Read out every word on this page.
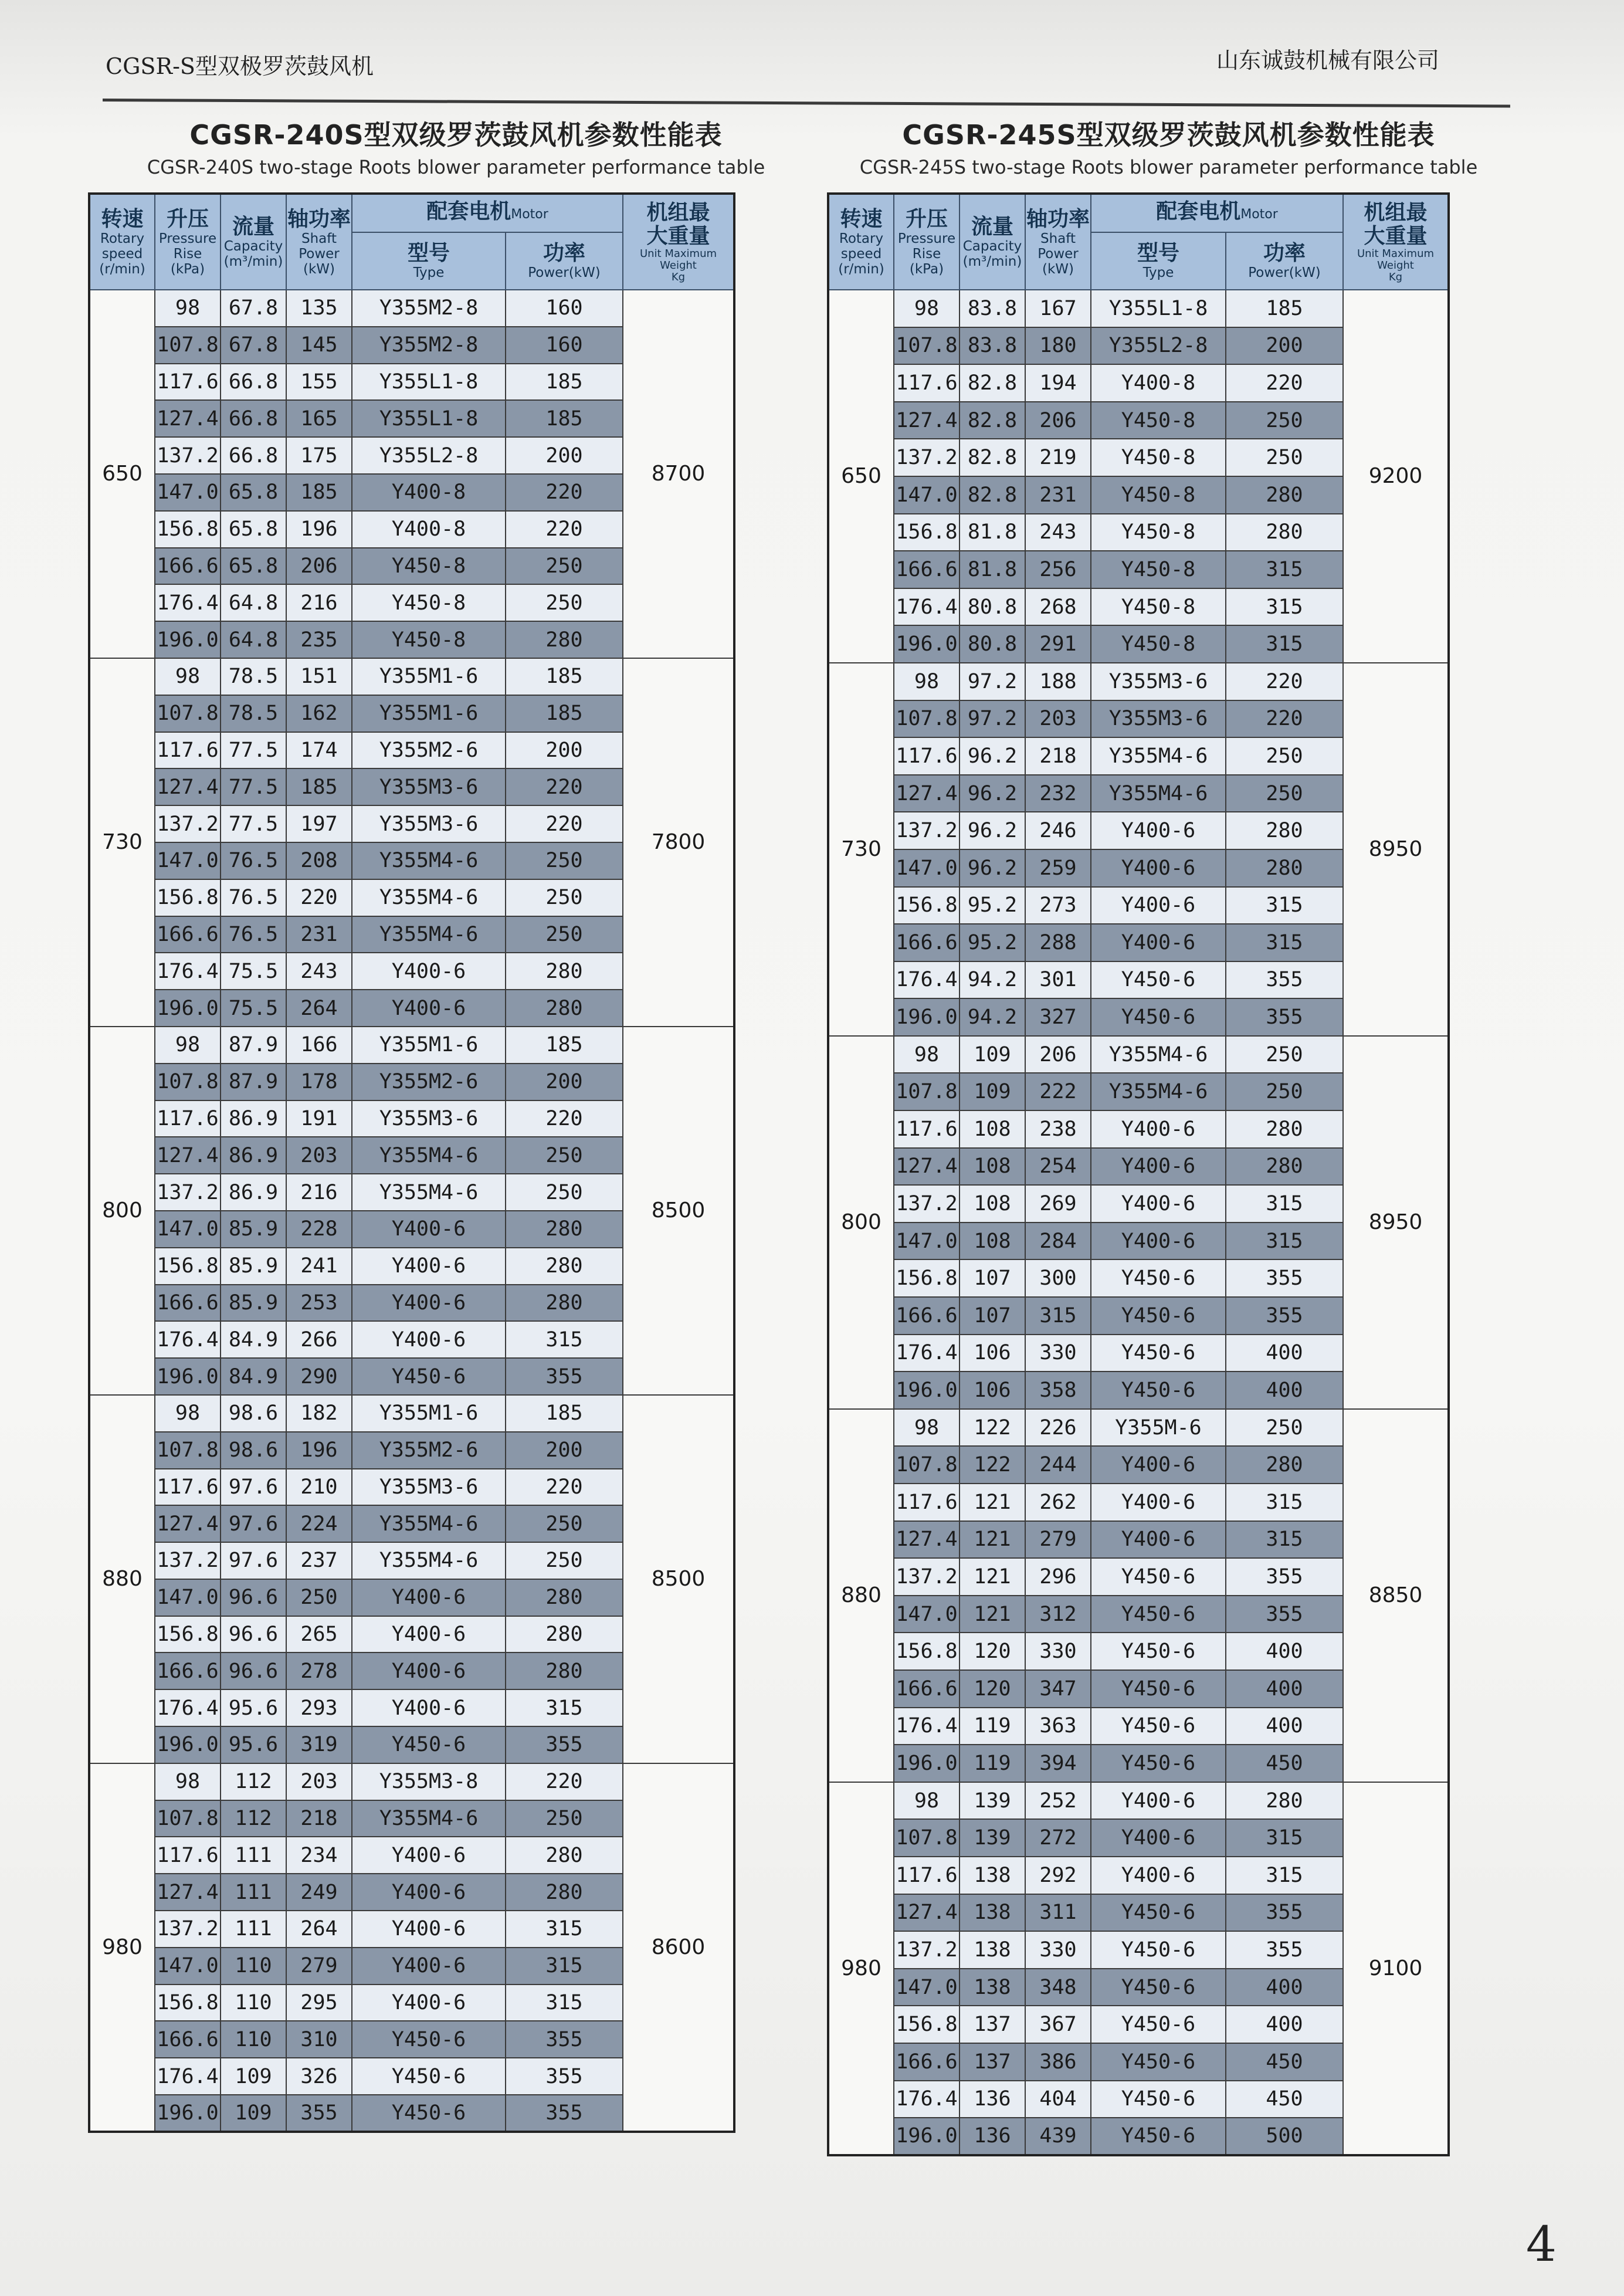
CGSR-S型双极罗茨鼓风机	山东诚鼓机械有限公司
CGSR-240S型双级罗茨鼓风机参数性能表
CGSR-240S two-stage Roots blower parameter performance table
转速
Rotary
speed
(r/min)	升压
Pressure
Rise
(kPa)	流量
Capacity
(m³/min)	轴功率
Shaft
Power
(kW)	配套电机Motor		机组最
大重量
Unit Maximum
Weight
Kg

				型号
Type	功率
Power(kW)	

650	98	67.8	135	Y355M2-8	160	8700
	107.8	67.8	145	Y355M2-8	160	
	117.6	66.8	155	Y355L1-8	185	
	127.4	66.8	165	Y355L1-8	185	
	137.2	66.8	175	Y355L2-8	200	
	147.0	65.8	185	Y400-8	220	
	156.8	65.8	196	Y400-8	220	
	166.6	65.8	206	Y450-8	250	
	176.4	64.8	216	Y450-8	250	
	196.0	64.8	235	Y450-8	280	
730	98	78.5	151	Y355M1-6	185	7800
	107.8	78.5	162	Y355M1-6	185	
	117.6	77.5	174	Y355M2-6	200	
	127.4	77.5	185	Y355M3-6	220	
	137.2	77.5	197	Y355M3-6	220	
	147.0	76.5	208	Y355M4-6	250	
	156.8	76.5	220	Y355M4-6	250	
	166.6	76.5	231	Y355M4-6	250	
	176.4	75.5	243	Y400-6	280	
	196.0	75.5	264	Y400-6	280	
800	98	87.9	166	Y355M1-6	185	8500
	107.8	87.9	178	Y355M2-6	200	
	117.6	86.9	191	Y355M3-6	220	
	127.4	86.9	203	Y355M4-6	250	
	137.2	86.9	216	Y355M4-6	250	
	147.0	85.9	228	Y400-6	280	
	156.8	85.9	241	Y400-6	280	
	166.6	85.9	253	Y400-6	280	
	176.4	84.9	266	Y400-6	315	
	196.0	84.9	290	Y450-6	355	
880	98	98.6	182	Y355M1-6	185	8500
	107.8	98.6	196	Y355M2-6	200	
	117.6	97.6	210	Y355M3-6	220	
	127.4	97.6	224	Y355M4-6	250	
	137.2	97.6	237	Y355M4-6	250	
	147.0	96.6	250	Y400-6	280	
	156.8	96.6	265	Y400-6	280	
	166.6	96.6	278	Y400-6	280	
	176.4	95.6	293	Y400-6	315	
	196.0	95.6	319	Y450-6	355	
980	98	112	203	Y355M3-8	220	8600
	107.8	112	218	Y355M4-6	250	
	117.6	111	234	Y400-6	280	
	127.4	111	249	Y400-6	280	
	137.2	111	264	Y400-6	315	
	147.0	110	279	Y400-6	315	
	156.8	110	295	Y400-6	315	
	166.6	110	310	Y450-6	355	
	176.4	109	326	Y450-6	355	
	196.0	109	355	Y450-6	355	
CGSR-245S型双级罗茨鼓风机参数性能表
CGSR-245S two-stage Roots blower parameter performance table
转速
Rotary
speed
(r/min)	升压
Pressure
Rise
(kPa)	流量
Capacity
(m³/min)	轴功率
Shaft
Power
(kW)	配套电机Motor		机组最
大重量
Unit Maximum
Weight
Kg

				型号
Type	功率
Power(kW)	

650	98	83.8	167	Y355L1-8	185	9200
	107.8	83.8	180	Y355L2-8	200	
	117.6	82.8	194	Y400-8	220	
	127.4	82.8	206	Y450-8	250	
	137.2	82.8	219	Y450-8	250	
	147.0	82.8	231	Y450-8	280	
	156.8	81.8	243	Y450-8	280	
	166.6	81.8	256	Y450-8	315	
	176.4	80.8	268	Y450-8	315	
	196.0	80.8	291	Y450-8	315	
730	98	97.2	188	Y355M3-6	220	8950
	107.8	97.2	203	Y355M3-6	220	
	117.6	96.2	218	Y355M4-6	250	
	127.4	96.2	232	Y355M4-6	250	
	137.2	96.2	246	Y400-6	280	
	147.0	96.2	259	Y400-6	280	
	156.8	95.2	273	Y400-6	315	
	166.6	95.2	288	Y400-6	315	
	176.4	94.2	301	Y450-6	355	
	196.0	94.2	327	Y450-6	355	
800	98	109	206	Y355M4-6	250	8950
	107.8	109	222	Y355M4-6	250	
	117.6	108	238	Y400-6	280	
	127.4	108	254	Y400-6	280	
	137.2	108	269	Y400-6	315	
	147.0	108	284	Y400-6	315	
	156.8	107	300	Y450-6	355	
	166.6	107	315	Y450-6	355	
	176.4	106	330	Y450-6	400	
	196.0	106	358	Y450-6	400	
880	98	122	226	Y355M-6	250	8850
	107.8	122	244	Y400-6	280	
	117.6	121	262	Y400-6	315	
	127.4	121	279	Y400-6	315	
	137.2	121	296	Y450-6	355	
	147.0	121	312	Y450-6	355	
	156.8	120	330	Y450-6	400	
	166.6	120	347	Y450-6	400	
	176.4	119	363	Y450-6	400	
	196.0	119	394	Y450-6	450	
980	98	139	252	Y400-6	280	9100
	107.8	139	272	Y400-6	315	
	117.6	138	292	Y400-6	315	
	127.4	138	311	Y450-6	355	
	137.2	138	330	Y450-6	355	
	147.0	138	348	Y450-6	400	
	156.8	137	367	Y450-6	400	
	166.6	137	386	Y450-6	450	
	176.4	136	404	Y450-6	450	
	196.0	136	439	Y450-6	500	
4
